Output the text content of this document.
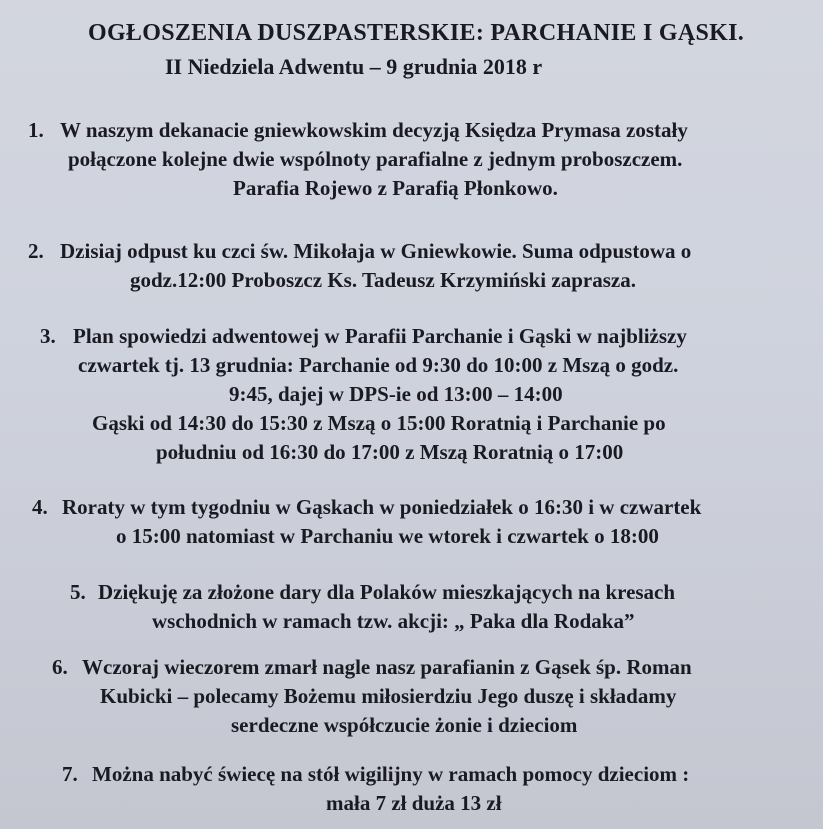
OGŁOSZENIA DUSZPASTERSKIE: PARCHANIE I GĄSKI.
II Niedziela Adwentu – 9 grudnia 2018 r
1. W naszym dekanacie gniewkowskim decyzją Księdza Prymasa zostały
połączone kolejne dwie wspólnoty parafialne z jednym proboszczem.
Parafia Rojewo z Parafią Płonkowo.
2. Dzisiaj odpust ku czci św. Mikołaja w Gniewkowie. Suma odpustowa o
godz.12:00 Proboszcz Ks. Tadeusz Krzymiński zaprasza.
3. Plan spowiedzi adwentowej w Parafii Parchanie i Gąski w najbliższy
czwartek tj. 13 grudnia: Parchanie od 9:30 do 10:00 z Mszą o godz.
9:45, dajej w DPS-ie od 13:00 – 14:00
Gąski od 14:30 do 15:30 z Mszą o 15:00 Roratnią i Parchanie po
południu od 16:30 do 17:00 z Mszą Roratnią o 17:00
4. Roraty w tym tygodniu w Gąskach w poniedziałek o 16:30 i w czwartek
o 15:00 natomiast w Parchaniu we wtorek i czwartek o 18:00
5. Dziękuję za złożone dary dla Polaków mieszkających na kresach
wschodnich w ramach tzw. akcji: „ Paka dla Rodaka”
6. Wczoraj wieczorem zmarł nagle nasz parafianin z Gąsek śp. Roman
Kubicki – polecamy Bożemu miłosierdziu Jego duszę i składamy
serdeczne współczucie żonie i dzieciom
7. Można nabyć świecę na stół wigilijny w ramach pomocy dzieciom :
mała 7 zł duża 13 zł
